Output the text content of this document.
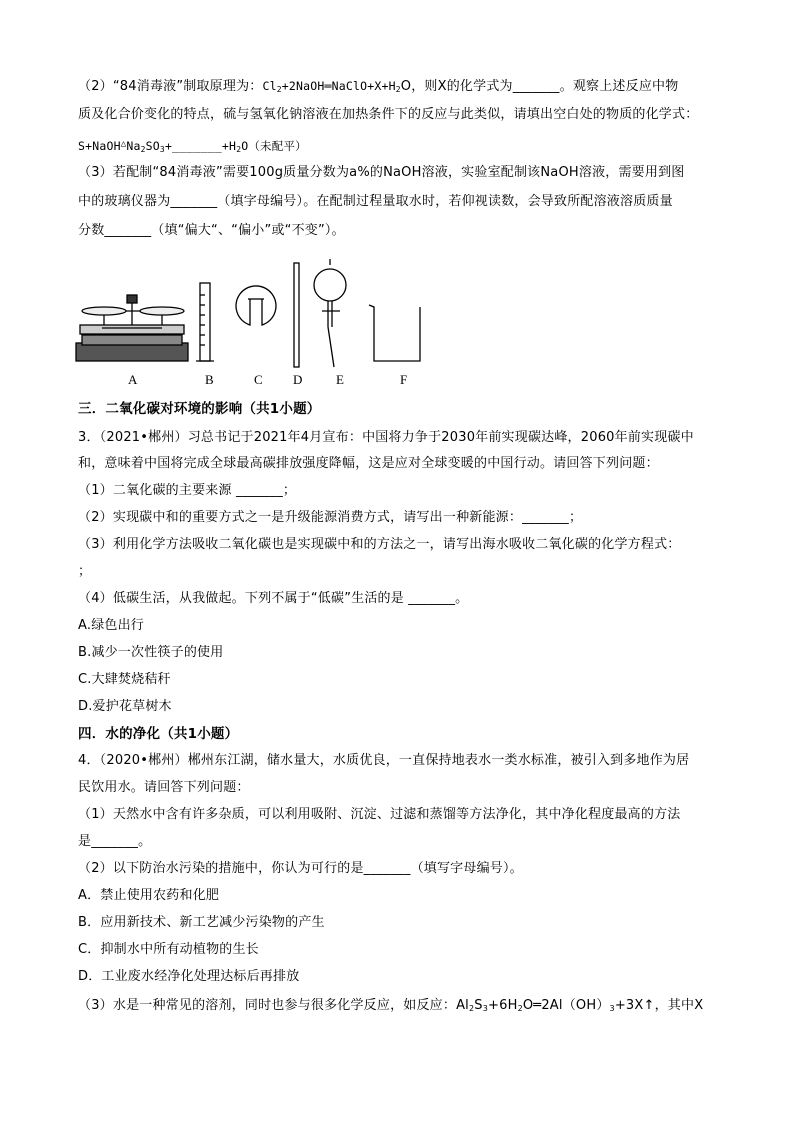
（2）“84消毒液”制取原理为：$Cl_2+2NaOH═NaClO+X+H_2O$，则X的化学式为_______。观察上述反应中物
质及化合价变化的特点，硫与氢氧化钠溶液在加热条件下的反应与此类似，请填出空白处的物质的化学式：
$S+NaOH^\triangle Na_2SO_3+\_\_\_\_\_\_\_+H_2O$（未配平）
（3）若配制“84消毒液”需要100g质量分数为a%的NaOH溶液，实验室配制该NaOH溶液，需要用到图
中的玻璃仪器为_______（填字母编号）。在配制过程量取水时，若仰视读数，会导致所配溶液溶质质量
分数_______（填“偏大“、“偏小”或“不变”）。
A	B	C D	E	F
三．二氧化碳对环境的影响（共1小题）
3．（2021•郴州）习总书记于2021年4月宣布：中国将力争于2030年前实现碳达峰，2060年前实现碳中
和，意味着中国将完成全球最高碳排放强度降幅，这是应对全球变暖的中国行动。请回答下列问题：
（1）二氧化碳的主要来源 _______；
（2）实现碳中和的重要方式之一是升级能源消费方式，请写出一种新能源：_______；
（3）利用化学方法吸收二氧化碳也是实现碳中和的方法之一，请写出海水吸收二氧化碳的化学方程式：
；
（4）低碳生活，从我做起。下列不属于“低碳”生活的是 _______。
A.绿色出行
B.减少一次性筷子的使用
C.大肆焚烧秸秆
D.爱护花草树木
四．水的净化（共1小题）
4．（2020•郴州）郴州东江湖，储水量大，水质优良，一直保持地表水一类水标准，被引入到多地作为居
民饮用水。请回答下列问题：
（1）天然水中含有许多杂质，可以利用吸附、沉淀、过滤和蒸馏等方法净化，其中净化程度最高的方法
是_______。
（2）以下防治水污染的措施中，你认为可行的是_______（填写字母编号）。
A．禁止使用农药和化肥
B．应用新技术、新工艺减少污染物的产生
C．抑制水中所有动植物的生长
D．工业废水经净化处理达标后再排放
（3）水是一种常见的溶剂，同时也参与很多化学反应，如反应：$Al_2S_3+6H_2O═2Al(OH)_3+3X↑$，其中X
